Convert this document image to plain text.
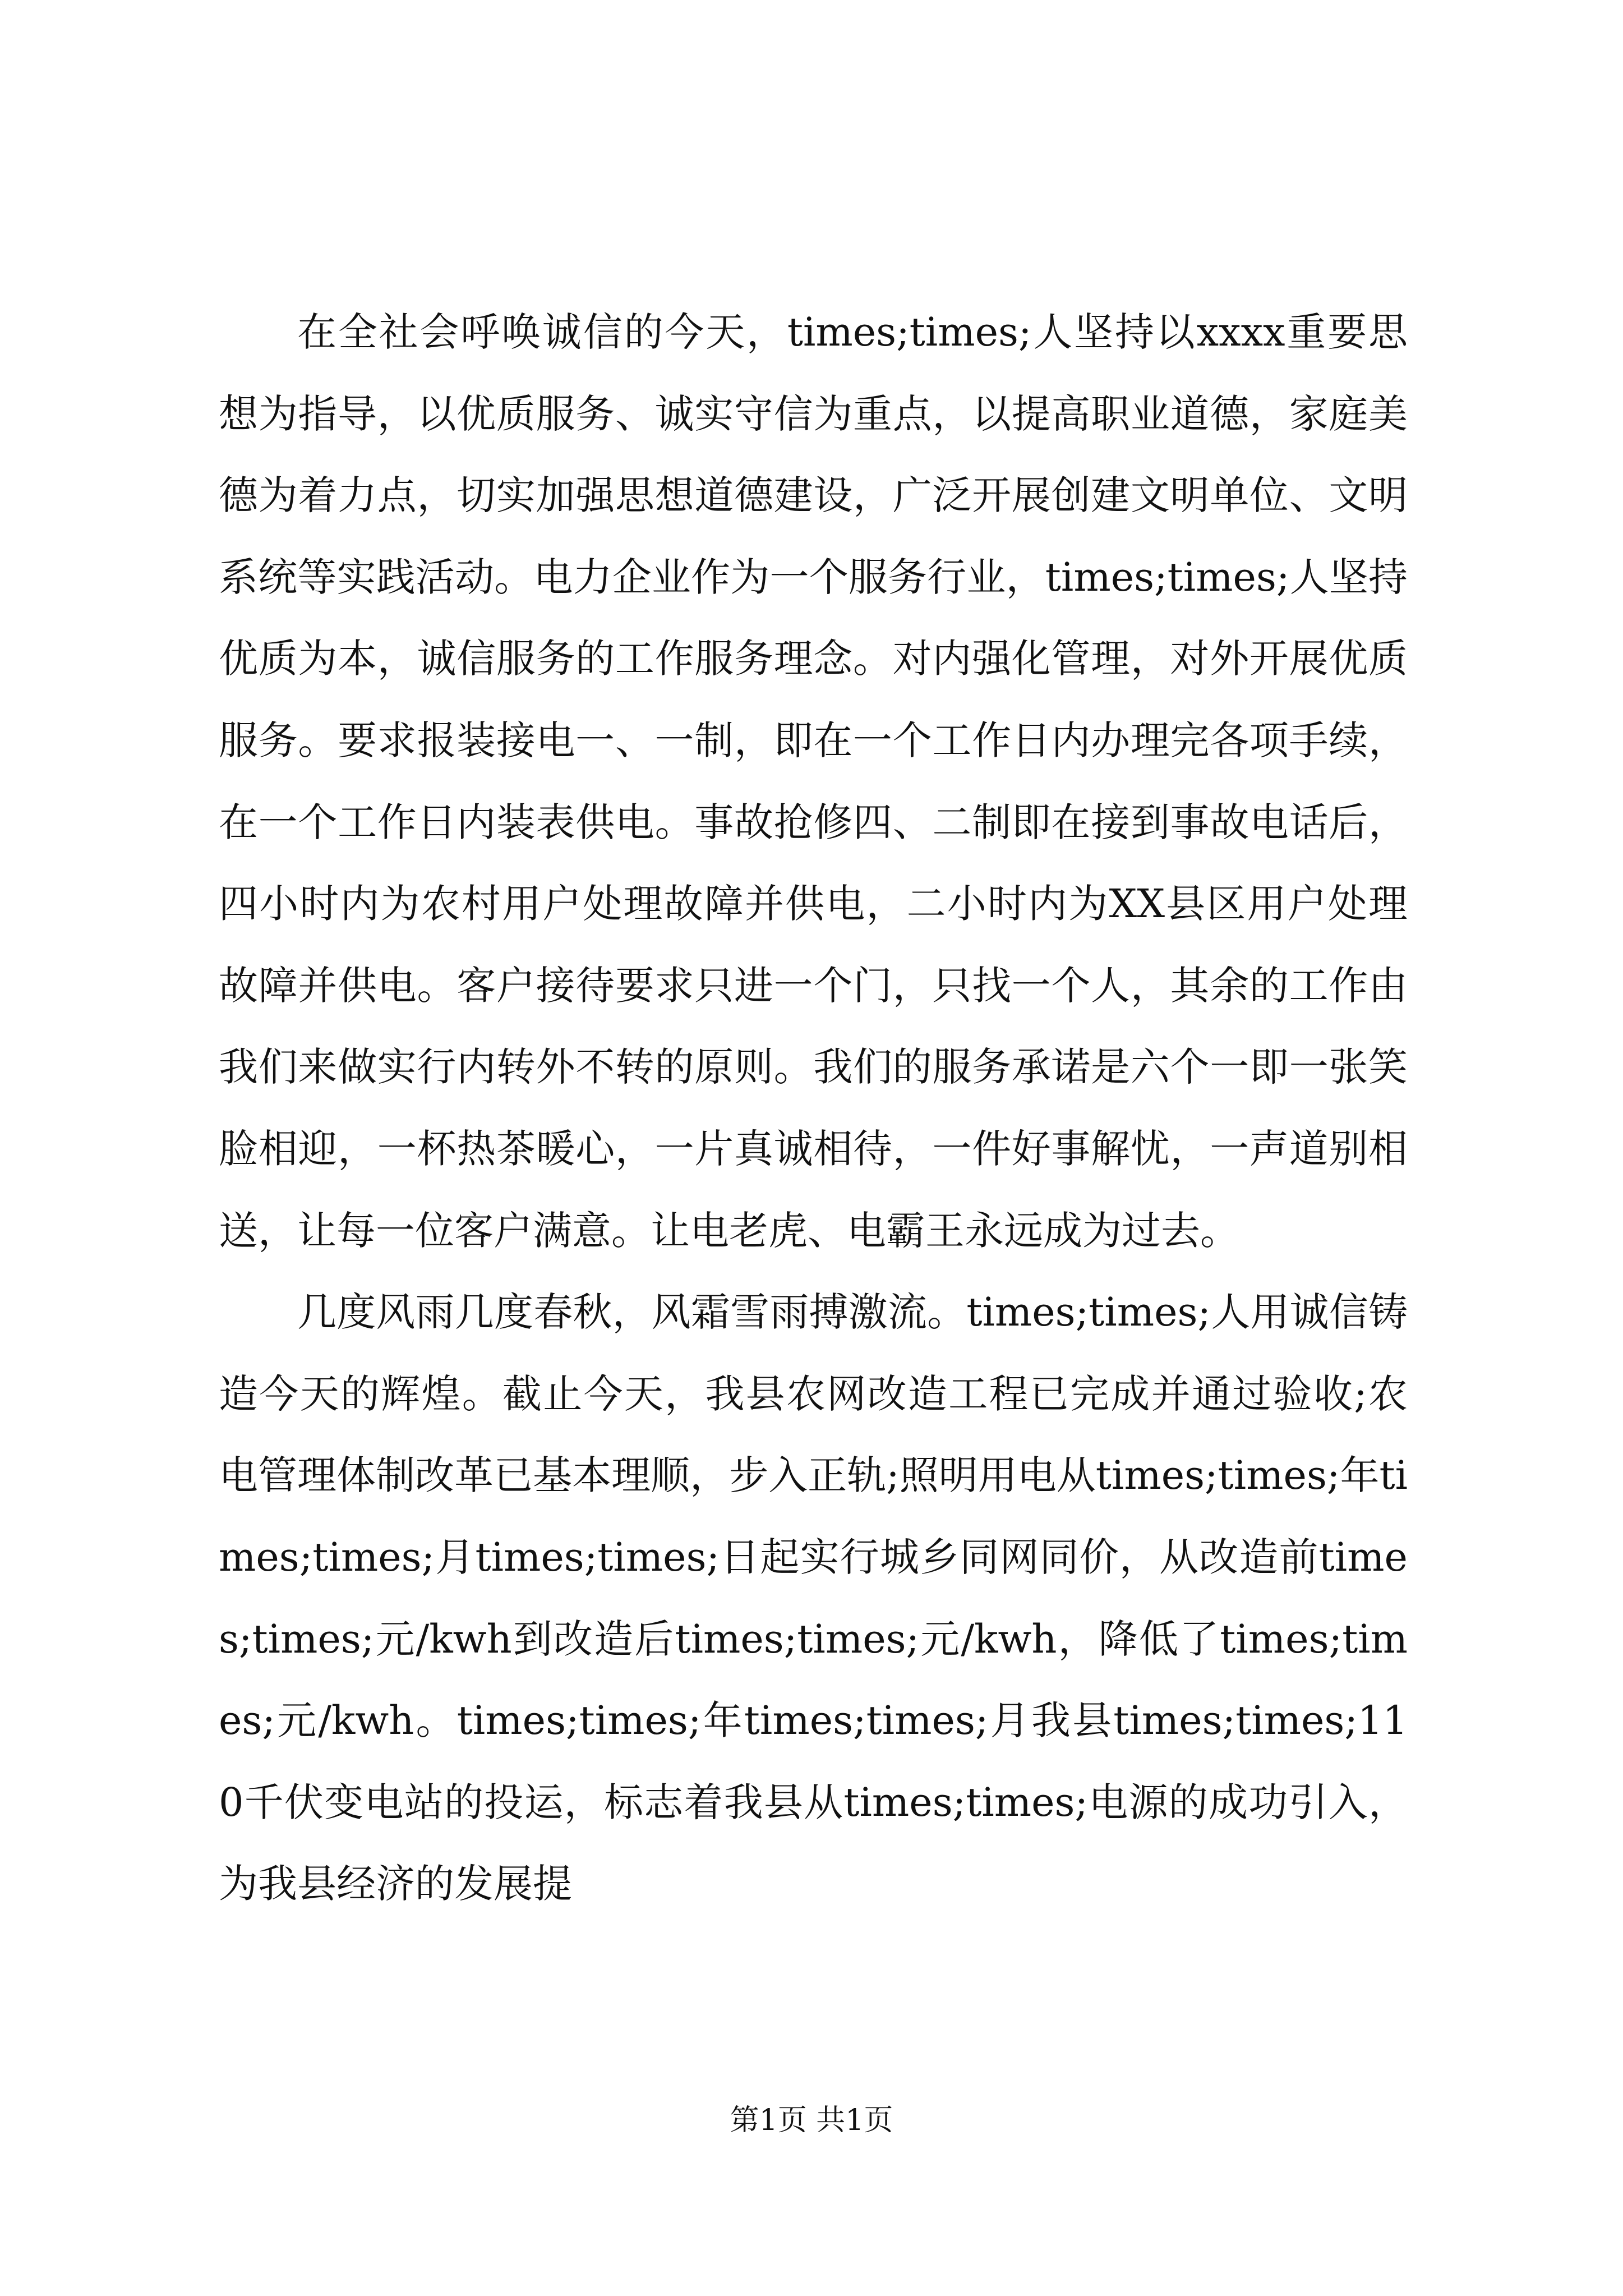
在全社会呼唤诚信的今天，times;times;人坚持以xxxx重要思想为指导，以优质服务、诚实守信为重点，以提高职业道德，家庭美德为着力点，切实加强思想道德建设，广泛开展创建文明单位、文明系统等实践活动。电力企业作为一个服务行业，times;times;人坚持优质为本，诚信服务的工作服务理念。对内强化管理，对外开展优质服务。要求报装接电一、一制，即在一个工作日内办理完各项手续，在一个工作日内装表供电。事故抢修四、二制即在接到事故电话后，四小时内为农村用户处理故障并供电，二小时内为XX县区用户处理故障并供电。客户接待要求只进一个门，只找一个人，其余的工作由我们来做实行内转外不转的原则。我们的服务承诺是六个一即一张笑脸相迎，一杯热茶暖心，一片真诚相待，一件好事解忧，一声道别相送，让每一位客户满意。让电老虎、电霸王永远成为过去。

几度风雨几度春秋，风霜雪雨搏激流。times;times;人用诚信铸造今天的辉煌。截止今天，我县农网改造工程已完成并通过验收;农电管理体制改革已基本理顺，步入正轨;照明用电从times;times;年times;times;月times;times;日起实行城乡同网同价，从改造前times;times;元/kwh到改造后times;times;元/kwh，降低了times;times;元/kwh。times;times;年times;times;月我县times;times;110千伏变电站的投运，标志着我县从times;times;电源的成功引入，为我县经济的发展提

第1页 共1页
